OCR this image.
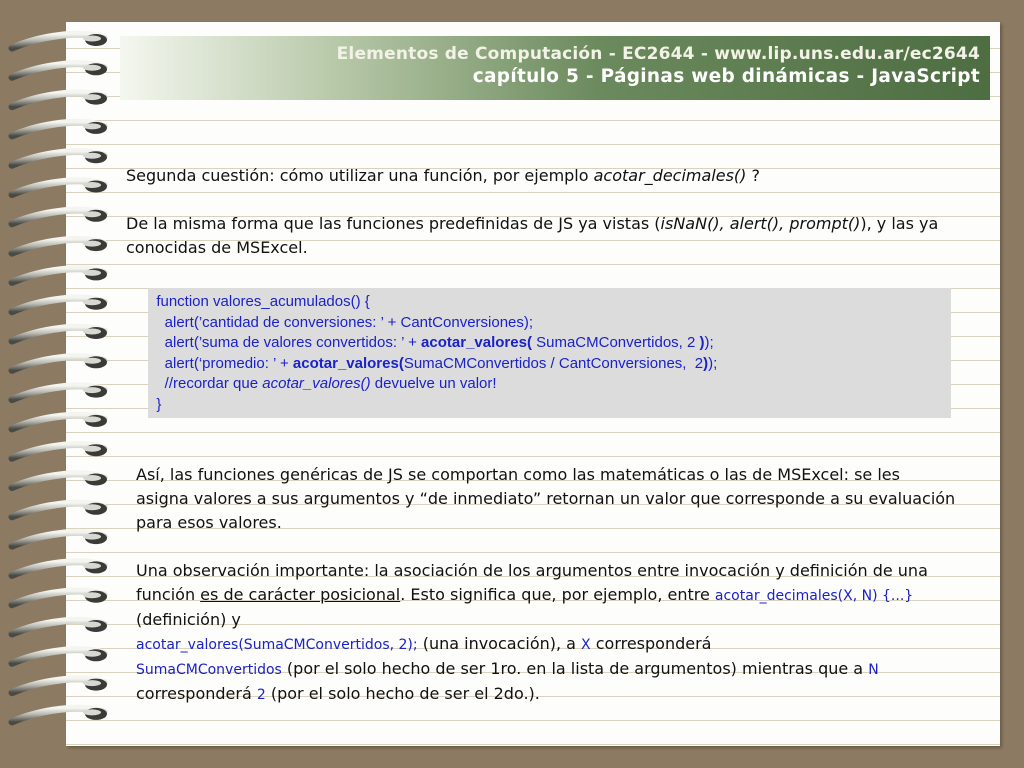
Elementos de Computación - EC2644 - www.lip.uns.edu.ar/ec2644
capítulo 5 - Páginas web dinámicas - JavaScript
Segunda cuestión: cómo utilizar una función, por ejemplo acotar_decimales() ?
De la misma forma que las funciones predefinidas de JS ya vistas (isNaN(), alert(), prompt()), y las ya conocidas de MSExcel.
function valores_acumulados() {
alert(’cantidad de conversiones: ’ + CantConversiones);
alert(’suma de valores convertidos: ’ + acotar_valores( SumaCMConvertidos, 2 ));
alert(‘promedio: ’ + acotar_valores(SumaCMConvertidos / CantConversiones,  2));
//recordar que acotar_valores() devuelve un valor!
}
Así, las funciones genéricas de JS se comportan como las matemáticas o las de MSExcel: se les asigna valores a sus argumentos y “de inmediato” retornan un valor que corresponde a su evaluación para esos valores.
Una observación importante: la asociación de los argumentos entre invocación y definición de una función es de carácter posicional. Esto significa que, por ejemplo, entre acotar_decimales(X, N) {...} (definición) y
acotar_valores(SumaCMConvertidos, 2); (una invocación), a X corresponderá
SumaCMConvertidos (por el solo hecho de ser 1ro. en la lista de argumentos) mientras que a N corresponderá 2 (por el solo hecho de ser el 2do.).
